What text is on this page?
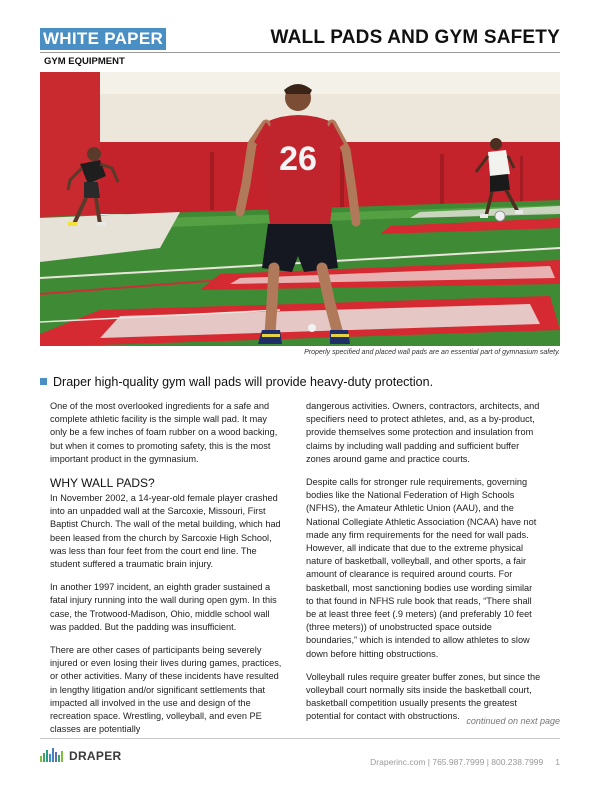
WHITE PAPER	WALL PADS AND GYM SAFETY
GYM EQUIPMENT
26
Properly specified and placed wall pads are an essential part of gymnasium safety.
Draper high-quality gym wall pads will provide heavy-duty protection.

One of the most overlooked ingredients for a safe and complete athletic facility is the simple wall pad. It may only be a few inches of foam rubber on a wood backing, but when it comes to promoting safety, this is the most important product in the gymnasium.

WHY WALL PADS?

In November 2002, a 14-year-old female player crashed into an unpadded wall at the Sarcoxie, Missouri, First Baptist Church. The wall of the metal building, which had been leased from the church by Sarcoxie High School, was less than four feet from the court end line. The student suffered a traumatic brain injury.

In another 1997 incident, an eighth grader sustained a fatal injury running into the wall during open gym. In this case, the Trotwood-Madison, Ohio, middle school wall was padded. But the padding was insufficient.

There are other cases of participants being severely injured or even losing their lives during games, practices, or other activities. Many of these incidents have resulted in lengthy litigation and/or significant settlements that impacted all involved in the use and design of the recreation space. Wrestling, volleyball, and even PE classes are potentially

dangerous activities. Owners, contractors, architects, and specifiers need to protect athletes, and, as a by-product, provide themselves some protection and insulation from claims by including wall padding and sufficient buffer zones around game and practice courts.

Despite calls for stronger rule requirements, governing bodies like the National Federation of High Schools (NFHS), the Amateur Athletic Union (AAU), and the National Collegiate Athletic Association (NCAA) have not made any firm requirements for the need for wall pads. However, all indicate that due to the extreme physical nature of basketball, volleyball, and other sports, a fair amount of clearance is required around courts. For basketball, most sanctioning bodies use wording similar to that found in NFHS rule book that reads, “There shall be at least three feet (.9 meters) (and preferably 10 feet (three meters)) of unobstructed space outside boundaries,” which is intended to allow athletes to slow down before hitting obstructions.

Volleyball rules require greater buffer zones, but since the volleyball court normally sits inside the basketball court, basketball competition usually presents the greatest potential for contact with obstructions. continued on next page
DRAPER	Draperinc.com | 765.987.7999 | 800.238.7999 1
